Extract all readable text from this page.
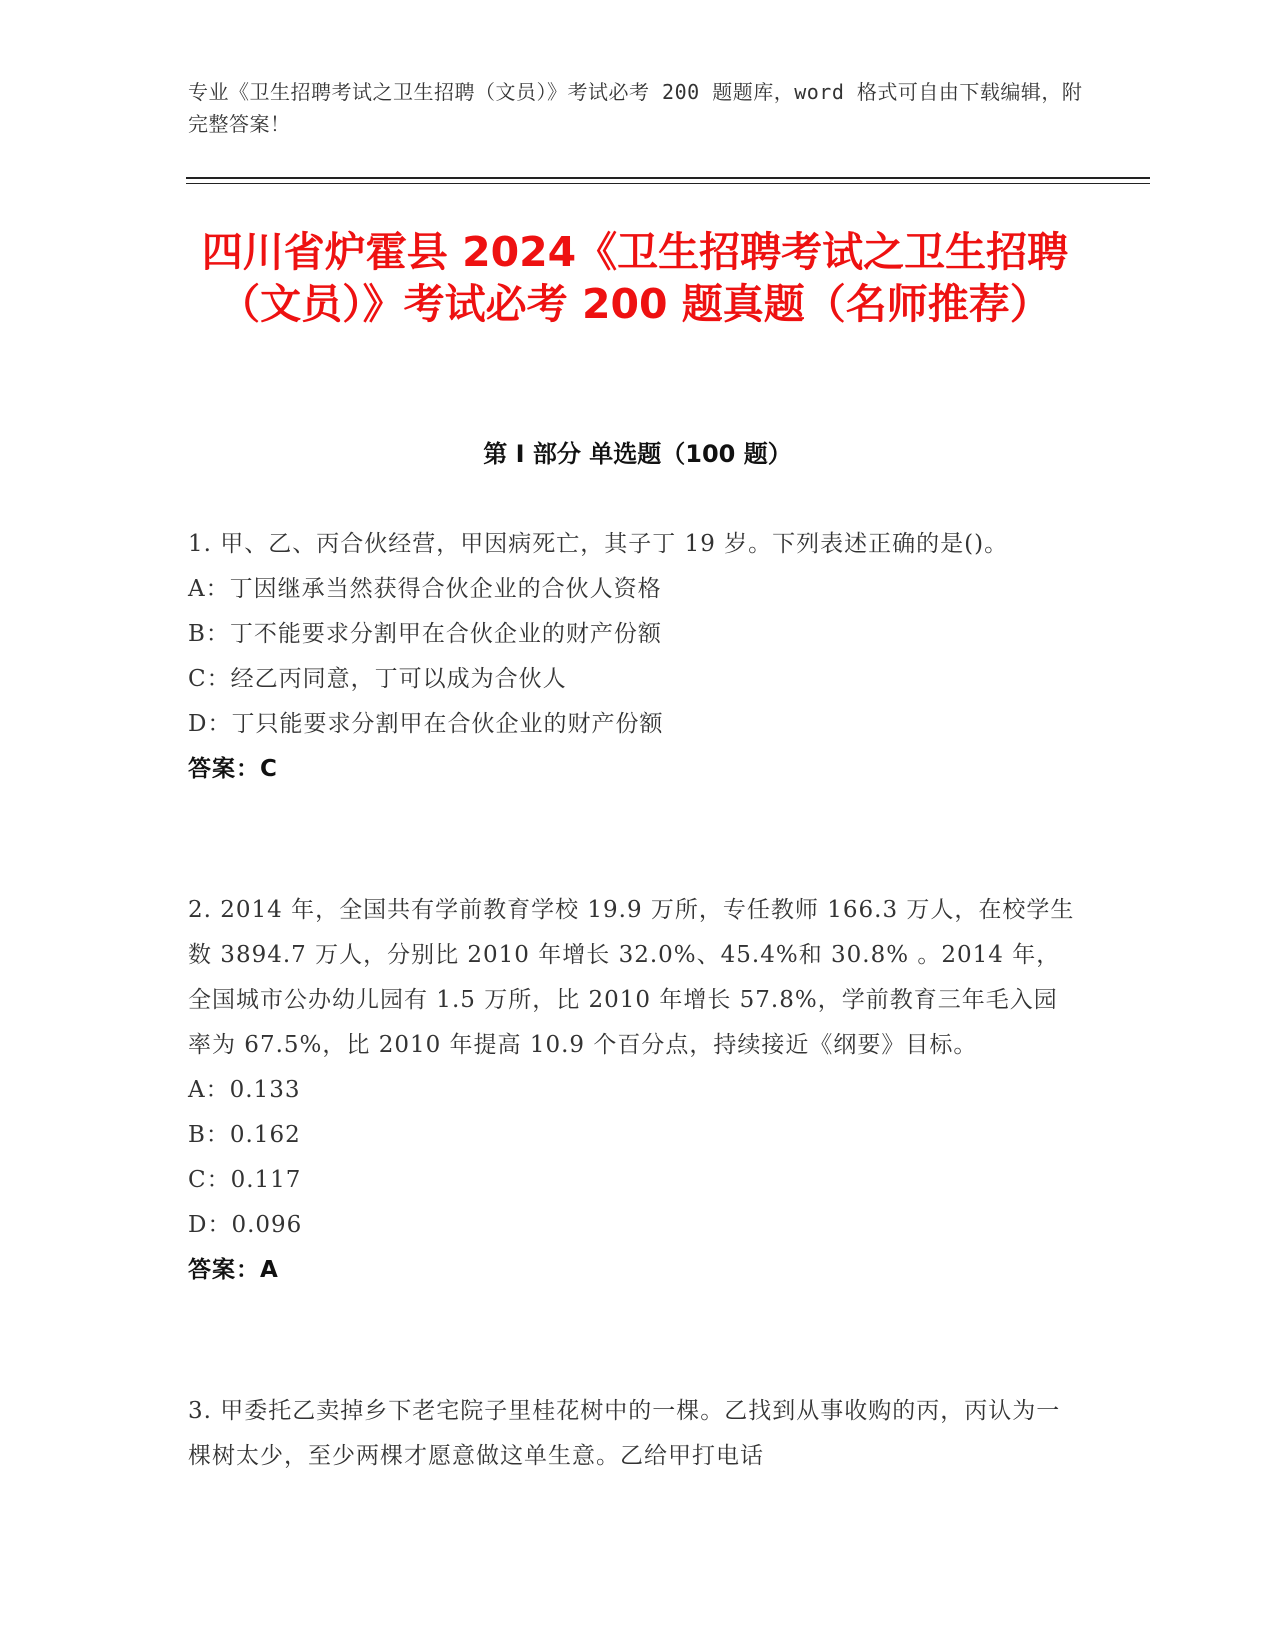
专业《卫生招聘考试之卫生招聘（文员）》考试必考 200 题题库，word 格式可自由下载编辑，附完整答案！
四川省炉霍县 2024《卫生招聘考试之卫生招聘（文员）》考试必考 200 题真题（名师推荐）
第 I 部分 单选题（100 题）
1. 甲、乙、丙合伙经营，甲因病死亡，其子丁 19 岁。下列表述正确的是()。
A：丁因继承当然获得合伙企业的合伙人资格
B：丁不能要求分割甲在合伙企业的财产份额
C：经乙丙同意，丁可以成为合伙人
D：丁只能要求分割甲在合伙企业的财产份额
答案：C
2. 2014 年，全国共有学前教育学校 19.9 万所，专任教师 166.3 万人，在校学生数 3894.7 万人，分别比 2010 年增长 32.0%、45.4%和 30.8% 。2014 年，全国城市公办幼儿园有 1.5 万所，比 2010 年增长 57.8%，学前教育三年毛入园率为 67.5%，比 2010 年提高 10.9 个百分点，持续接近《纲要》目标。
A：0.133
B：0.162
C：0.117
D：0.096
答案：A
3. 甲委托乙卖掉乡下老宅院子里桂花树中的一棵。乙找到从事收购的丙，丙认为一棵树太少，至少两棵才愿意做这单生意。乙给甲打电话
